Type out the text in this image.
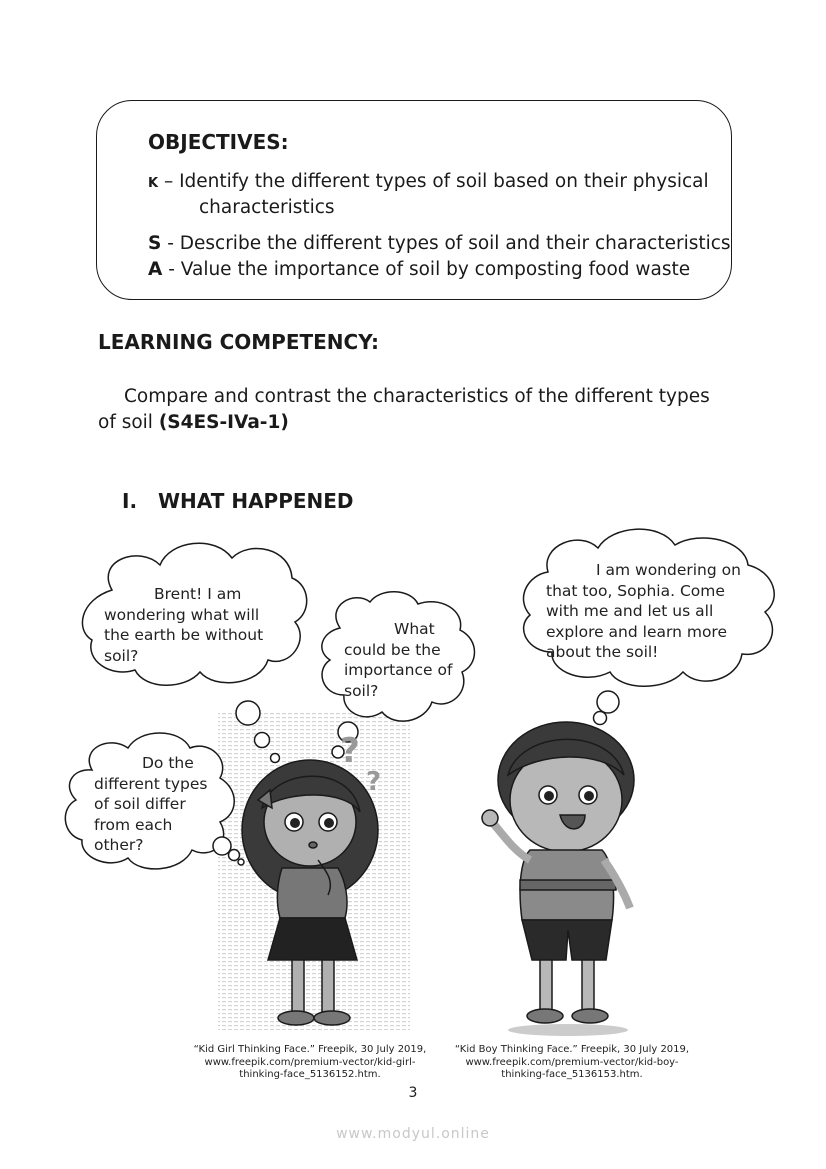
OBJECTIVES:
K – Identify the different types of soil based on their physical
characteristics
S - Describe the different types of soil and their characteristics
A - Value the importance of soil by composting food waste
LEARNING COMPETENCY:
Compare and contrast the characteristics of the different types
of soil (S4ES-IVa-1)
I. WHAT HAPPENED
?
?
Brent! I am
wondering what will
the earth be without
soil?
What
could be the
importance of
soil?
Do the
different types
of soil differ
from each
other?
I am wondering on
that too, Sophia. Come
with me and let us all
explore and learn more
about the soil!
“Kid Girl Thinking Face.” Freepik, 30 July 2019,
www.freepik.com/premium-vector/kid-girl-
thinking-face_5136152.htm.
“Kid Boy Thinking Face.” Freepik, 30 July 2019,
www.freepik.com/premium-vector/kid-boy-
thinking-face_5136153.htm.
3
www.modyul.online
